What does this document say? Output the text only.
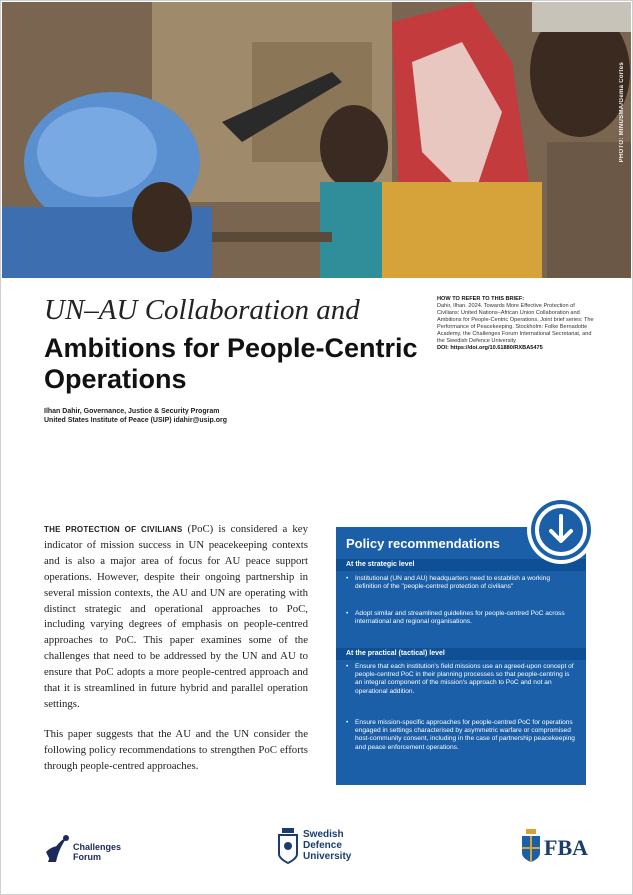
PHOTO: MINUSMA/Gema Cortes
UN–AU Collaboration and
Ambitions for People-Centric Operations
Ilhan Dahir, Governance, Justice & Security Program
United States Institute of Peace (USIP) idahir@usip.org
HOW TO REFER TO THIS BRIEF:
Dahir, Ilhan. 2024. Towards More Effective Protection of Civilians: United Nations–African Union Collaboration and Ambitions for People-Centric Operations. Joint brief series: The Performance of Peacekeeping. Stockholm: Folke Bernadotte Academy, the Challenges Forum International Secretariat, and the Swedish Defence University
DOI: https://doi.org/10.61880/RXBA5475

THE PROTECTION OF CIVILIANS (PoC) is considered a key indicator of mission success in UN peacekeeping contexts and is also a major area of focus for AU peace support operations. However, despite their ongoing partnership in several mission contexts, the AU and UN are operating with distinct strategic and operational approaches to PoC, including varying degrees of emphasis on people-centred approaches to PoC. This paper examines some of the challenges that need to be addressed by the UN and AU to ensure that PoC adopts a more people-centred approach and that it is streamlined in future hybrid and parallel operation settings.

This paper suggests that the AU and the UN consider the following policy recommendations to strengthen PoC efforts through people-centred approaches.

Policy recommendations
At the strategic level
• Institutional (UN and AU) headquarters need to establish a working definition of the "people-centred protection of civilians"
• Adopt similar and streamlined guidelines for people-centred PoC across international and regional organisations.
At the practical (tactical) level
• Ensure that each institution's field missions use an agreed-upon concept of people-centred PoC in their planning processes so that people-centring is an integral component of the mission's approach to PoC and not an operational addition.
• Ensure mission-specific approaches for people-centred PoC for operations engaged in settings characterised by asymmetric warfare or compromised host-community consent, including in the case of partnership peacekeeping and peace enforcement operations.
Challenges
Forum
Swedish
Defence
University	FBA
